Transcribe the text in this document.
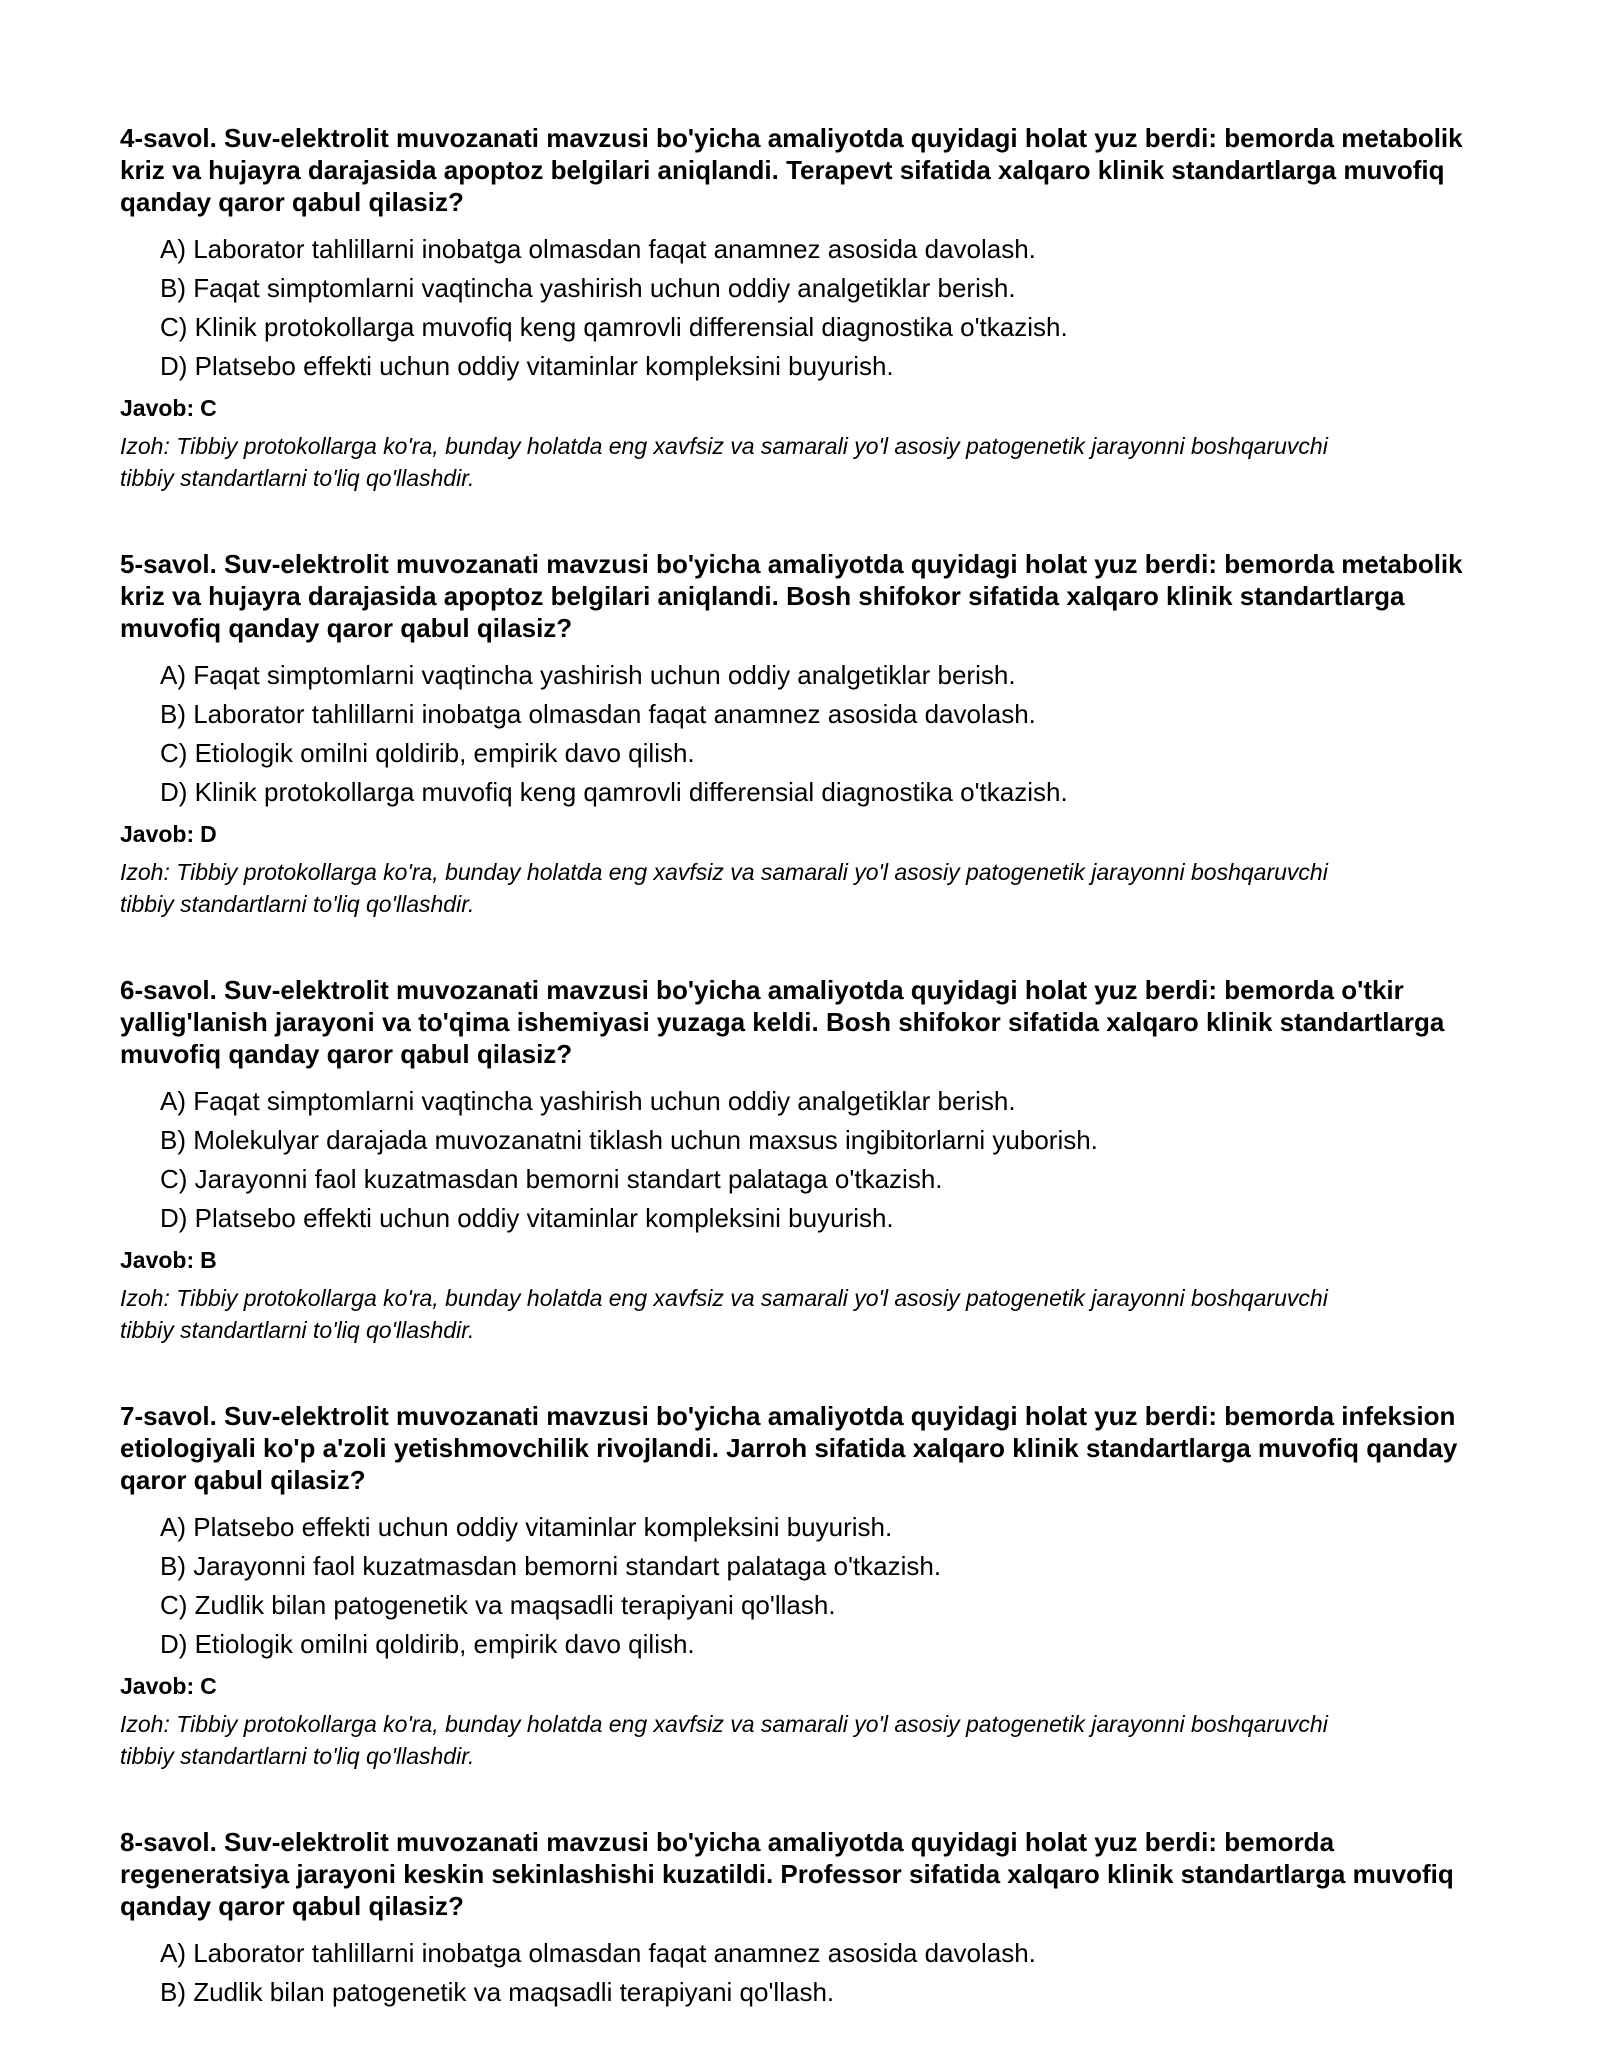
4-savol. Suv-elektrolit muvozanati mavzusi bo'yicha amaliyotda quyidagi holat yuz berdi: bemorda metabolik kriz va hujayra darajasida apoptoz belgilari aniqlandi. Terapevt sifatida xalqaro klinik standartlarga muvofiq qanday qaror qabul qilasiz?

A) Laborator tahlillarni inobatga olmasdan faqat anamnez asosida davolash.
B) Faqat simptomlarni vaqtincha yashirish uchun oddiy analgetiklar berish.
C) Klinik protokollarga muvofiq keng qamrovli differensial diagnostika o'tkazish.
D) Platsebo effekti uchun oddiy vitaminlar kompleksini buyurish.

Javob: C

Izoh: Tibbiy protokollarga ko'ra, bunday holatda eng xavfsiz va samarali yo'l asosiy patogenetik jarayonni boshqaruvchi tibbiy standartlarni to'liq qo'llashdir.

5-savol. Suv-elektrolit muvozanati mavzusi bo'yicha amaliyotda quyidagi holat yuz berdi: bemorda metabolik kriz va hujayra darajasida apoptoz belgilari aniqlandi. Bosh shifokor sifatida xalqaro klinik standartlarga muvofiq qanday qaror qabul qilasiz?

A) Faqat simptomlarni vaqtincha yashirish uchun oddiy analgetiklar berish.
B) Laborator tahlillarni inobatga olmasdan faqat anamnez asosida davolash.
C) Etiologik omilni qoldirib, empirik davo qilish.
D) Klinik protokollarga muvofiq keng qamrovli differensial diagnostika o'tkazish.

Javob: D

Izoh: Tibbiy protokollarga ko'ra, bunday holatda eng xavfsiz va samarali yo'l asosiy patogenetik jarayonni boshqaruvchi tibbiy standartlarni to'liq qo'llashdir.

6-savol. Suv-elektrolit muvozanati mavzusi bo'yicha amaliyotda quyidagi holat yuz berdi: bemorda o'tkir yallig'lanish jarayoni va to'qima ishemiyasi yuzaga keldi. Bosh shifokor sifatida xalqaro klinik standartlarga muvofiq qanday qaror qabul qilasiz?

A) Faqat simptomlarni vaqtincha yashirish uchun oddiy analgetiklar berish.
B) Molekulyar darajada muvozanatni tiklash uchun maxsus ingibitorlarni yuborish.
C) Jarayonni faol kuzatmasdan bemorni standart palataga o'tkazish.
D) Platsebo effekti uchun oddiy vitaminlar kompleksini buyurish.

Javob: B

Izoh: Tibbiy protokollarga ko'ra, bunday holatda eng xavfsiz va samarali yo'l asosiy patogenetik jarayonni boshqaruvchi tibbiy standartlarni to'liq qo'llashdir.

7-savol. Suv-elektrolit muvozanati mavzusi bo'yicha amaliyotda quyidagi holat yuz berdi: bemorda infeksion etiologiyali ko'p a'zoli yetishmovchilik rivojlandi. Jarroh sifatida xalqaro klinik standartlarga muvofiq qanday qaror qabul qilasiz?

A) Platsebo effekti uchun oddiy vitaminlar kompleksini buyurish.
B) Jarayonni faol kuzatmasdan bemorni standart palataga o'tkazish.
C) Zudlik bilan patogenetik va maqsadli terapiyani qo'llash.
D) Etiologik omilni qoldirib, empirik davo qilish.

Javob: C

Izoh: Tibbiy protokollarga ko'ra, bunday holatda eng xavfsiz va samarali yo'l asosiy patogenetik jarayonni boshqaruvchi tibbiy standartlarni to'liq qo'llashdir.

8-savol. Suv-elektrolit muvozanati mavzusi bo'yicha amaliyotda quyidagi holat yuz berdi: bemorda regeneratsiya jarayoni keskin sekinlashishi kuzatildi. Professor sifatida xalqaro klinik standartlarga muvofiq qanday qaror qabul qilasiz?

A) Laborator tahlillarni inobatga olmasdan faqat anamnez asosida davolash.
B) Zudlik bilan patogenetik va maqsadli terapiyani qo'llash.
